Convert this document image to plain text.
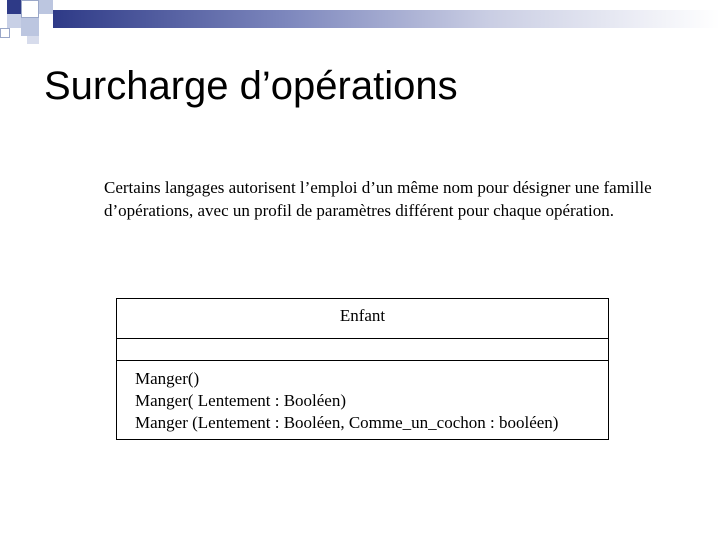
Surcharge d’opérations
Certains langages autorisent l’emploi d’un même nom pour désigner une famille d’opérations, avec un profil de paramètres différent pour chaque opération.
Enfant
Manger()
Manger( Lentement : Booléen)
Manger (Lentement : Booléen, Comme_un_cochon : booléen)
